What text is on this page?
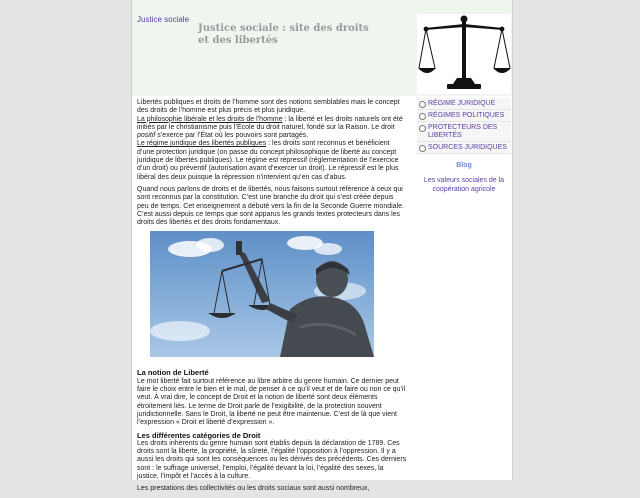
Justice sociale
Justice sociale : site des droits et des libertés

Libertés publiques et droits de l’homme sont des notions semblables mais le concept des droits de l’homme est plus précis et plus juridique.
La philosophie libérale et les droits de l’homme : la liberté et les droits naturels ont été initiés par le christianisme puis l’École du droit naturel, fondé sur la Raison. Le droit positif s’exerce par l’État où les pouvoirs sont partagés.
Le régime juridique des libertés publiques : les droits sont reconnus et bénéficient d’une protection juridique (on passe du concept philosophique de liberté au concept juridique de libertés publiques). Le régime est répressif (réglementation de l’exercice d’un droit) ou préventif (autorisation avant d’exercer un droit). Le répressif est le plus libéral des deux puisque la répression n’intervient qu’en cas d’abus.

Quand nous parlons de droits et de libertés, nous faisons surtout référence à ceux qui sont reconnus par la constitution. C’est une branche du droit qui s’est créée depuis peu de temps. Cet enseignement a débuté vers la fin de la Seconde Guerre mondiale. C’est aussi depuis ce temps que sont apparus les grands textes protecteurs dans les droits des libertés et des droits fondamentaux.

La notion de Liberté

Le mot liberté fait surtout référence au libre arbitre du genre humain. Ce dernier peut faire le choix entre le bien et le mal, de penser à ce qu’il veut et de faire ou non ce qu’il veut. À vrai dire, le concept de Droit et la notion de liberté sont deux éléments étroitement liés. Le terme de Droit parle de l’exigibilité, de la protection souvent juridictionnelle. Sans le Droit, la liberté ne peut être maintenue. C’est de là que vient l’expression « Droit et liberté d’expression ».

Les différentes catégories de Droit

Les droits inhérents du genre humain sont établis depuis la déclaration de 1789. Ces droits sont la liberté, la propriété, la sûreté, l’égalité l’opposition à l’oppression. Il y a aussi les droits qui sont les conséquences ou les dérivés des précédents. Ces derniers sont : le suffrage universel, l’emploi, l’égalité devant la loi, l’égalité des sexes, la justice, l’impôt et l’accès à la culture.

Les prestations des collectivités ou les droits sociaux sont aussi nombreux,

RÉGIME JURIDIQUE
RÉGIMES POLITIQUES
PROTECTEURS DES LIBERTÉS
SOURCES JURIDIQUES
Blog
Les valeurs sociales de la coopération agricole
